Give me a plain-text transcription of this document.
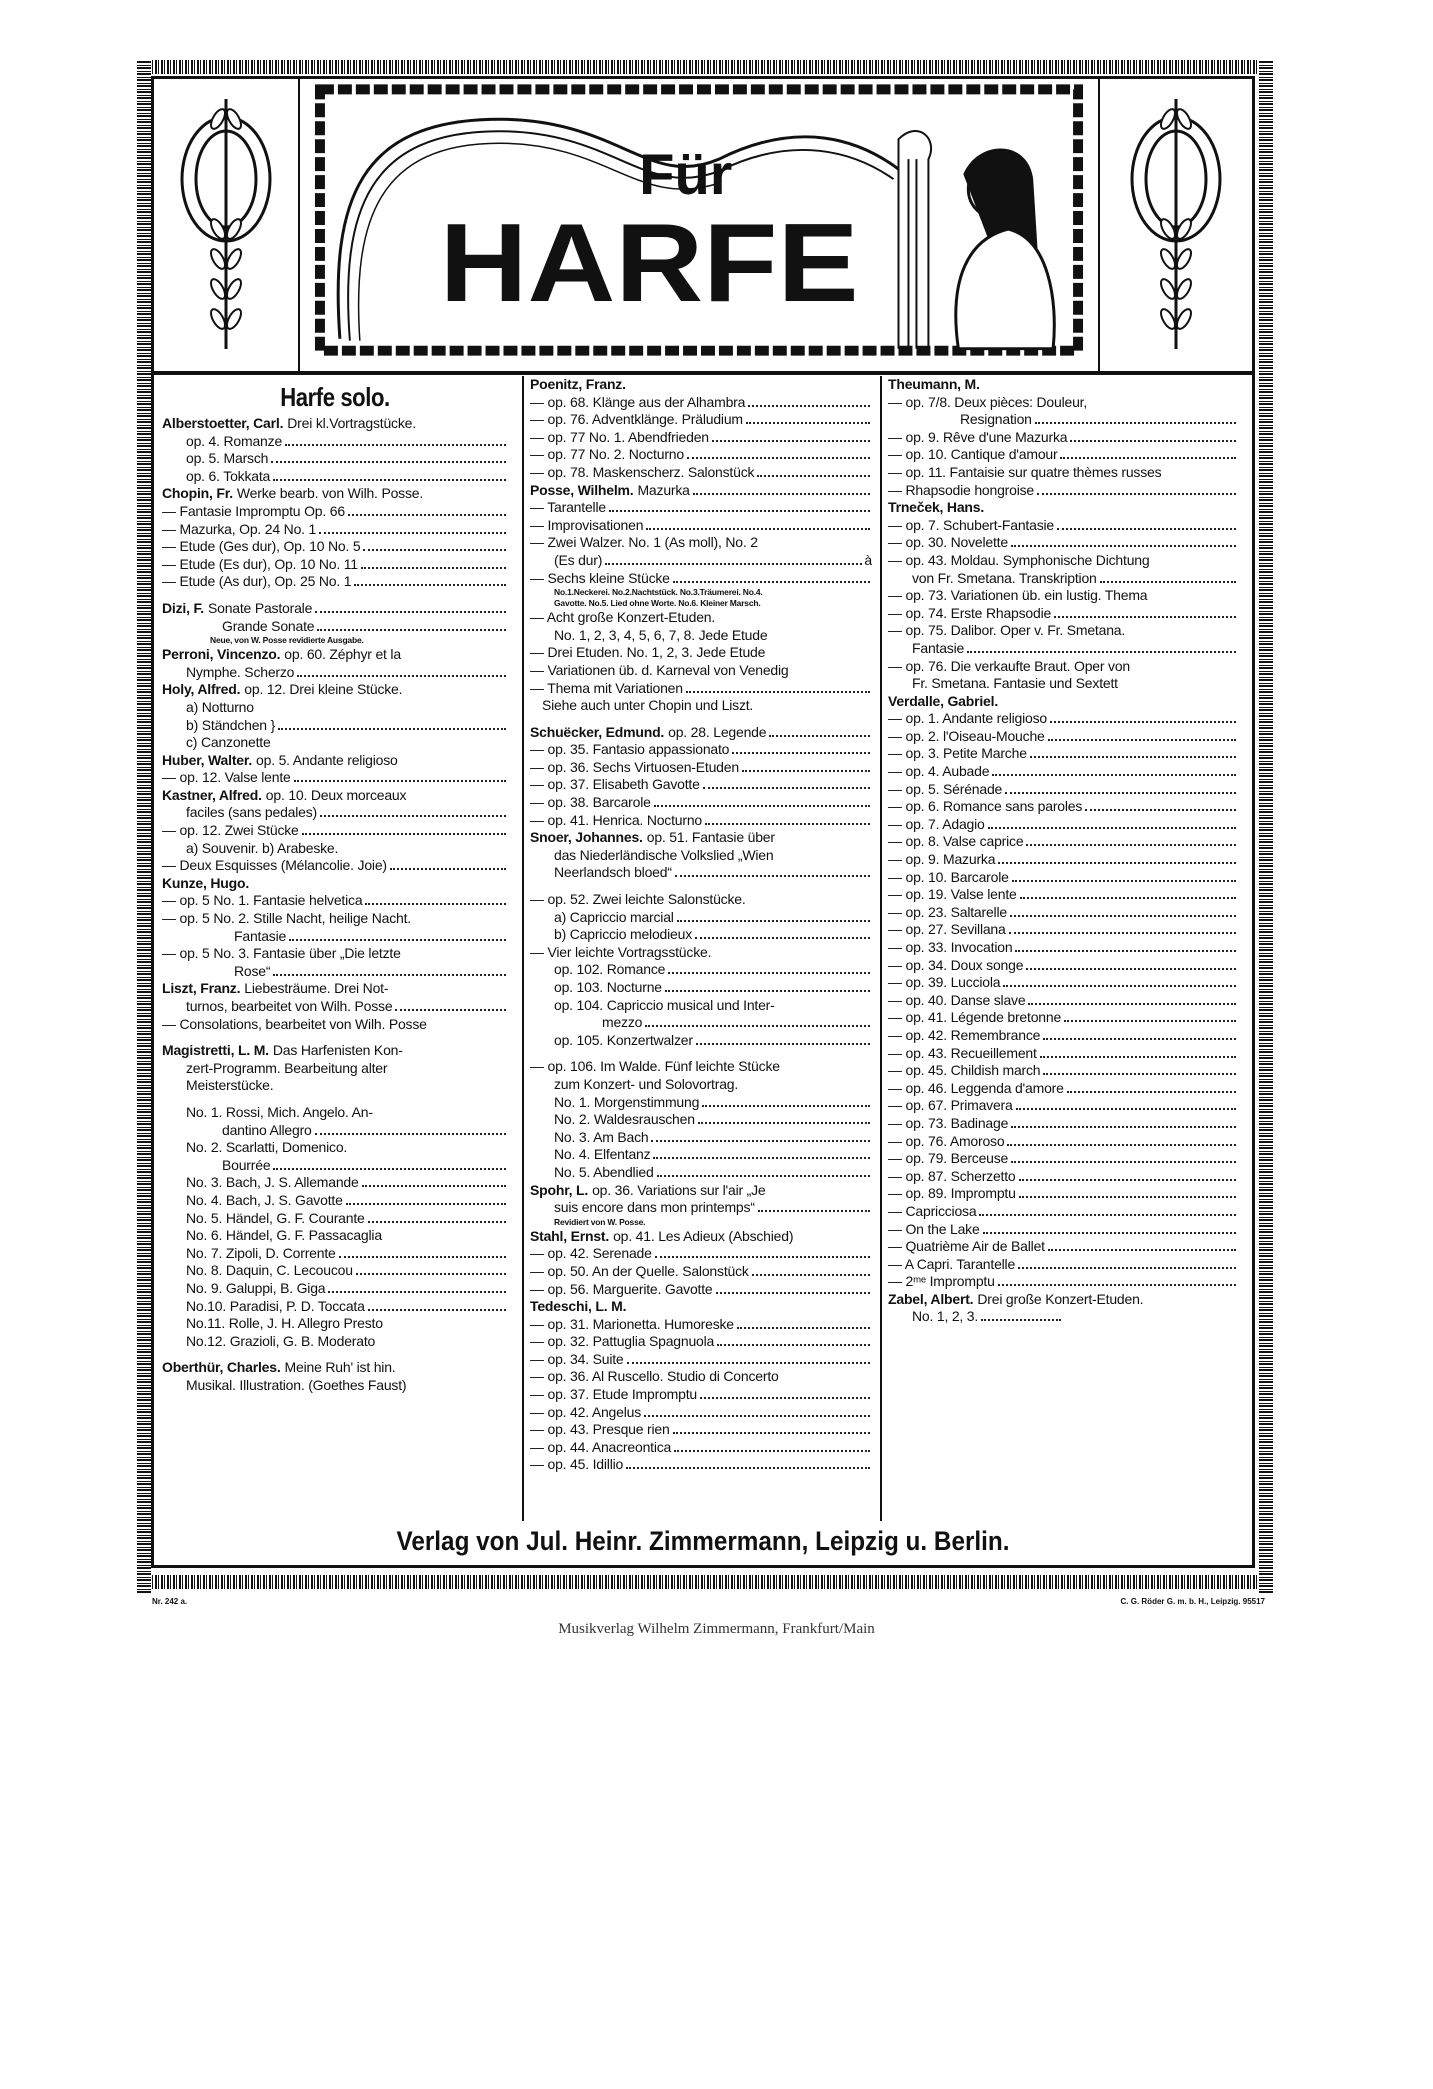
Für
HARFE
Harfe solo.
Alberstoetter, Carl. Drei kl.Vortragstücke.
op. 4. Romanze
op. 5. Marsch
op. 6. Tokkata
Chopin, Fr. Werke bearb. von Wilh. Posse.
— Fantasie Impromptu Op. 66
— Mazurka, Op. 24 No. 1
— Etude (Ges dur), Op. 10 No. 5
— Etude (Es dur), Op. 10 No. 11
— Etude (As dur), Op. 25 No. 1
Dizi, F. Sonate Pastorale
Grande Sonate
Neue, von W. Posse revidierte Ausgabe.
Perroni, Vincenzo. op. 60. Zéphyr et la
Nymphe. Scherzo
Holy, Alfred. op. 12. Drei kleine Stücke.
a) Notturno
b) Ständchen }
c) Canzonette
Huber, Walter. op. 5. Andante religioso
— op. 12. Valse lente
Kastner, Alfred. op. 10. Deux morceaux
faciles (sans pedales)
— op. 12. Zwei Stücke
a) Souvenir. b) Arabeske.
— Deux Esquisses (Mélancolie. Joie)
Kunze, Hugo.
— op. 5 No. 1. Fantasie helvetica
— op. 5 No. 2. Stille Nacht, heilige Nacht.
Fantasie
— op. 5 No. 3. Fantasie über „Die letzte
Rose“
Liszt, Franz. Liebesträume. Drei Not-
turnos, bearbeitet von Wilh. Posse
— Consolations, bearbeitet von Wilh. Posse
Magistretti, L. M. Das Harfenisten Kon-
zert-Programm. Bearbeitung alter
Meisterstücke.
No. 1. Rossi, Mich. Angelo. An-
dantino Allegro
No. 2. Scarlatti, Domenico.
Bourrée
No. 3. Bach, J. S. Allemande
No. 4. Bach, J. S. Gavotte
No. 5. Händel, G. F. Courante
No. 6. Händel, G. F. Passacaglia
No. 7. Zipoli, D. Corrente
No. 8. Daquin, C. Lecoucou
No. 9. Galuppi, B. Giga
No.10. Paradisi, P. D. Toccata
No.11. Rolle, J. H. Allegro Presto
No.12. Grazioli, G. B. Moderato
Oberthür, Charles. Meine Ruh' ist hin.
Musikal. Illustration. (Goethes Faust)
Poenitz, Franz.
— op. 68. Klänge aus der Alhambra
— op. 76. Adventklänge. Präludium
— op. 77 No. 1. Abendfrieden
— op. 77 No. 2. Nocturno
— op. 78. Maskenscherz. Salonstück
Posse, Wilhelm. Mazurka
— Tarantelle
— Improvisationen
— Zwei Walzer. No. 1 (As moll), No. 2
(Es dur)	à
— Sechs kleine Stücke
No.1.Neckerei. No.2.Nachtstück. No.3.Träumerei. No.4.
Gavotte. No.5. Lied ohne Worte. No.6. Kleiner Marsch.
— Acht große Konzert-Etuden.
No. 1, 2, 3, 4, 5, 6, 7, 8. Jede Etude
— Drei Etuden. No. 1, 2, 3. Jede Etude
— Variationen üb. d. Karneval von Venedig
— Thema mit Variationen
Siehe auch unter Chopin und Liszt.
Schuëcker, Edmund. op. 28. Legende
— op. 35. Fantasio appassionato
— op. 36. Sechs Virtuosen-Etuden
— op. 37. Elisabeth Gavotte
— op. 38. Barcarole
— op. 41. Henrica. Nocturno
Snoer, Johannes. op. 51. Fantasie über
das Niederländische Volkslied „Wien
Neerlandsch bloed“
— op. 52. Zwei leichte Salonstücke.
a) Capriccio marcial
b) Capriccio melodieux
— Vier leichte Vortragsstücke.
op. 102. Romance
op. 103. Nocturne
op. 104. Capriccio musical und Inter-
mezzo
op. 105. Konzertwalzer
— op. 106. Im Walde. Fünf leichte Stücke
zum Konzert- und Solovortrag.
No. 1. Morgenstimmung
No. 2. Waldesrauschen
No. 3. Am Bach
No. 4. Elfentanz
No. 5. Abendlied
Spohr, L. op. 36. Variations sur l'air „Je
suis encore dans mon printemps“
Revidiert von W. Posse.
Stahl, Ernst. op. 41. Les Adieux (Abschied)
— op. 42. Serenade
— op. 50. An der Quelle. Salonstück
— op. 56. Marguerite. Gavotte
Tedeschi, L. M.
— op. 31. Marionetta. Humoreske
— op. 32. Pattuglia Spagnuola
— op. 34. Suite
— op. 36. Al Ruscello. Studio di Concerto
— op. 37. Etude Impromptu
— op. 42. Angelus
— op. 43. Presque rien
— op. 44. Anacreontica
— op. 45. Idillio
Theumann, M.
— op. 7/8. Deux pièces: Douleur,
Resignation
— op. 9. Rêve d'une Mazurka
— op. 10. Cantique d'amour
— op. 11. Fantaisie sur quatre thèmes russes
— Rhapsodie hongroise
Trneček, Hans.
— op. 7. Schubert-Fantasie
— op. 30. Novelette
— op. 43. Moldau. Symphonische Dichtung
von Fr. Smetana. Transkription
— op. 73. Variationen üb. ein lustig. Thema
— op. 74. Erste Rhapsodie
— op. 75. Dalibor. Oper v. Fr. Smetana.
Fantasie
— op. 76. Die verkaufte Braut. Oper von
Fr. Smetana. Fantasie und Sextett
Verdalle, Gabriel.
— op. 1. Andante religioso
— op. 2. l'Oiseau-Mouche
— op. 3. Petite Marche
— op. 4. Aubade
— op. 5. Sérénade
— op. 6. Romance sans paroles
— op. 7. Adagio
— op. 8. Valse caprice
— op. 9. Mazurka
— op. 10. Barcarole
— op. 19. Valse lente
— op. 23. Saltarelle
— op. 27. Sevillana
— op. 33. Invocation
— op. 34. Doux songe
— op. 39. Lucciola
— op. 40. Danse slave
— op. 41. Légende bretonne
— op. 42. Remembrance
— op. 43. Recueillement
— op. 45. Childish march
— op. 46. Leggenda d'amore
— op. 67. Primavera
— op. 73. Badinage
— op. 76. Amoroso
— op. 79. Berceuse
— op. 87. Scherzetto
— op. 89. Impromptu
— Capricciosa
— On the Lake
— Quatrième Air de Ballet
— A Capri. Tarantelle
— 2ᵐᵉ Impromptu
Zabel, Albert. Drei große Konzert-Etuden.
No. 1, 2, 3.
Verlag von Jul. Heinr. Zimmermann, Leipzig u. Berlin.
Nr. 242 a.	C. G. Röder G. m. b. H., Leipzig. 95517
Musikverlag Wilhelm Zimmermann, Frankfurt/Main
